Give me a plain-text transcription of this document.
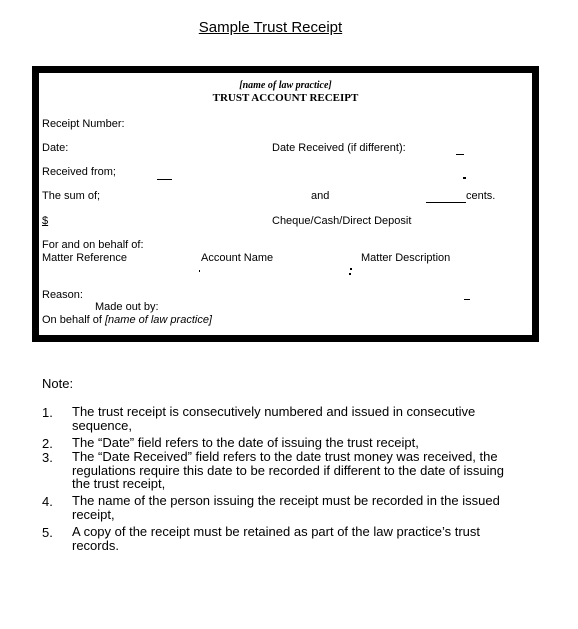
Sample Trust Receipt
[name of law practice]
TRUST ACCOUNT RECEIPT
Receipt Number:
Date:	Date Received (if different):
Received from;
The sum of;	and	cents.
$	Cheque/Cash/Direct Deposit
For and on behalf of:
Matter Reference	Account Name	Matter Description
Reason:
Made out by:
On behalf of [name of law practice]
Note:
1. The trust receipt is consecutively numbered and issued in consecutive sequence,
2. The “Date” field refers to the date of issuing the trust receipt,
3. The “Date Received” field refers to the date trust money was received, the regulations require this date to be recorded if different to the date of issuing the trust receipt,
4. The name of the person issuing the receipt must be recorded in the issued receipt,
5. A copy of the receipt must be retained as part of the law practice’s trust records.
